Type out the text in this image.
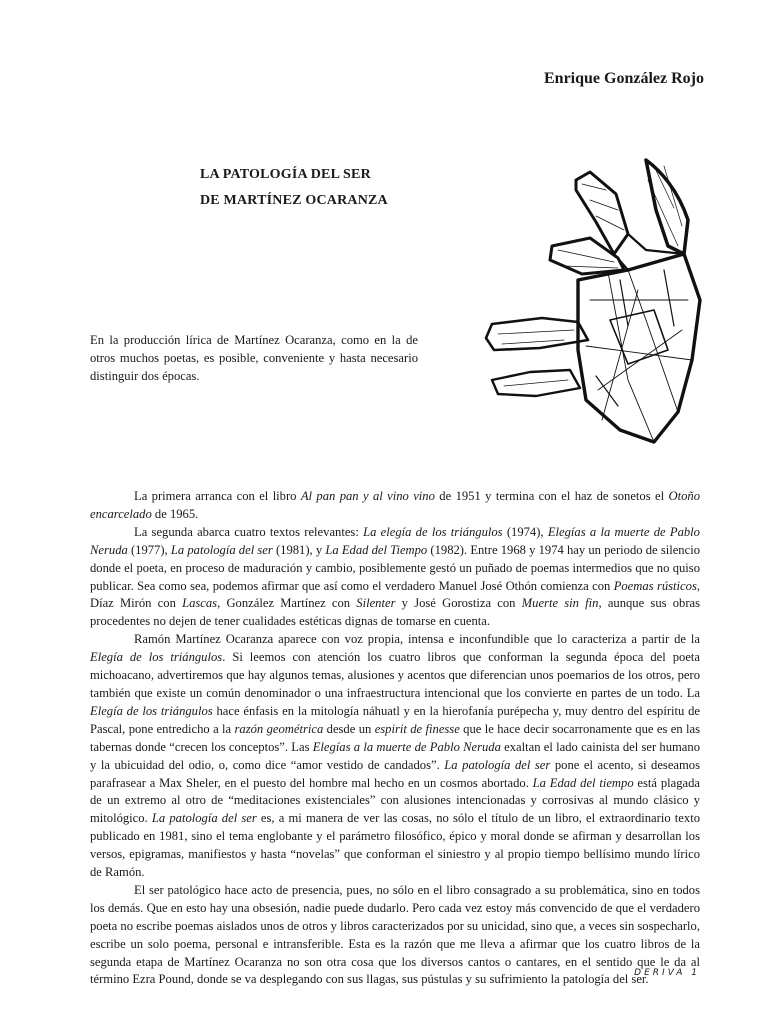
Enrique González Rojo
LA PATOLOGÍA DEL SER
DE MARTÍNEZ OCARANZA

En la producción lírica de Martínez Ocaranza, como en la de otros muchos poetas, es posible, conveniente y hasta necesario distinguir dos épocas.

La primera arranca con el libro Al pan pan y al vino vino de 1951 y termina con el haz de sonetos el Otoño encarcelado de 1965.

La segunda abarca cuatro textos relevantes: La elegía de los triángulos (1974), Elegías a la muerte de Pablo Neruda (1977), La patología del ser (1981), y La Edad del Tiempo (1982). Entre 1968 y 1974 hay un periodo de silencio donde el poeta, en proceso de maduración y cambio, posiblemente gestó un puñado de poemas intermedios que no quiso publicar. Sea como sea, podemos afirmar que así como el verdadero Manuel José Othón comienza con Poemas rústicos, Díaz Mirón con Lascas, González Martínez con Silenter y José Gorostiza con Muerte sin fin, aunque sus obras procedentes no dejen de tener cualidades estéticas dignas de tomarse en cuenta.

Ramón Martínez Ocaranza aparece con voz propia, intensa e inconfundible que lo caracteriza a partir de la Elegía de los triángulos. Si leemos con atención los cuatro libros que conforman la segunda época del poeta michoacano, advertiremos que hay algunos temas, alusiones y acentos que diferencian unos poemarios de los otros, pero también que existe un común denominador o una infraestructura intencional que los convierte en partes de un todo. La Elegía de los triángulos hace énfasis en la mitología náhuatl y en la hierofanía purépecha y, muy dentro del espíritu de Pascal, pone entredicho a la razón geométrica desde un espirit de finesse que le hace decir socarronamente que es en las tabernas donde “crecen los conceptos”. Las Elegías a la muerte de Pablo Neruda exaltan el lado cainista del ser humano y la ubicuidad del odio, o, como dice “amor vestido de candados”. La patología del ser pone el acento, si deseamos parafrasear a Max Sheler, en el puesto del hombre mal hecho en un cosmos abortado. La Edad del tiempo está plagada de un extremo al otro de “meditaciones existenciales” con alusiones intencionadas y corrosivas al mundo clásico y mitológico. La patología del ser es, a mi manera de ver las cosas, no sólo el título de un libro, el extraordinario texto publicado en 1981, sino el tema englobante y el parámetro filosófico, épico y moral donde se afirman y desarrollan los versos, epigramas, manifiestos y hasta “novelas” que conforman el siniestro y al propio tiempo bellísimo mundo lírico de Ramón.

El ser patológico hace acto de presencia, pues, no sólo en el libro consagrado a su problemática, sino en todos los demás. Que en esto hay una obsesión, nadie puede dudarlo. Pero cada vez estoy más convencido de que el verdadero poeta no escribe poemas aislados unos de otros y libros caracterizados por su unicidad, sino que, a veces sin sospecharlo, escribe un solo poema, personal e intransferible. Esta es la razón que me lleva a afirmar que los cuatro libros de la segunda etapa de Martínez Ocaranza no son otra cosa que los diversos cantos o cantares, en el sentido que le da al término Ezra Pound, donde se va desplegando con sus llagas, sus pústulas y su sufrimiento la patología del ser.

DERIVA 1
